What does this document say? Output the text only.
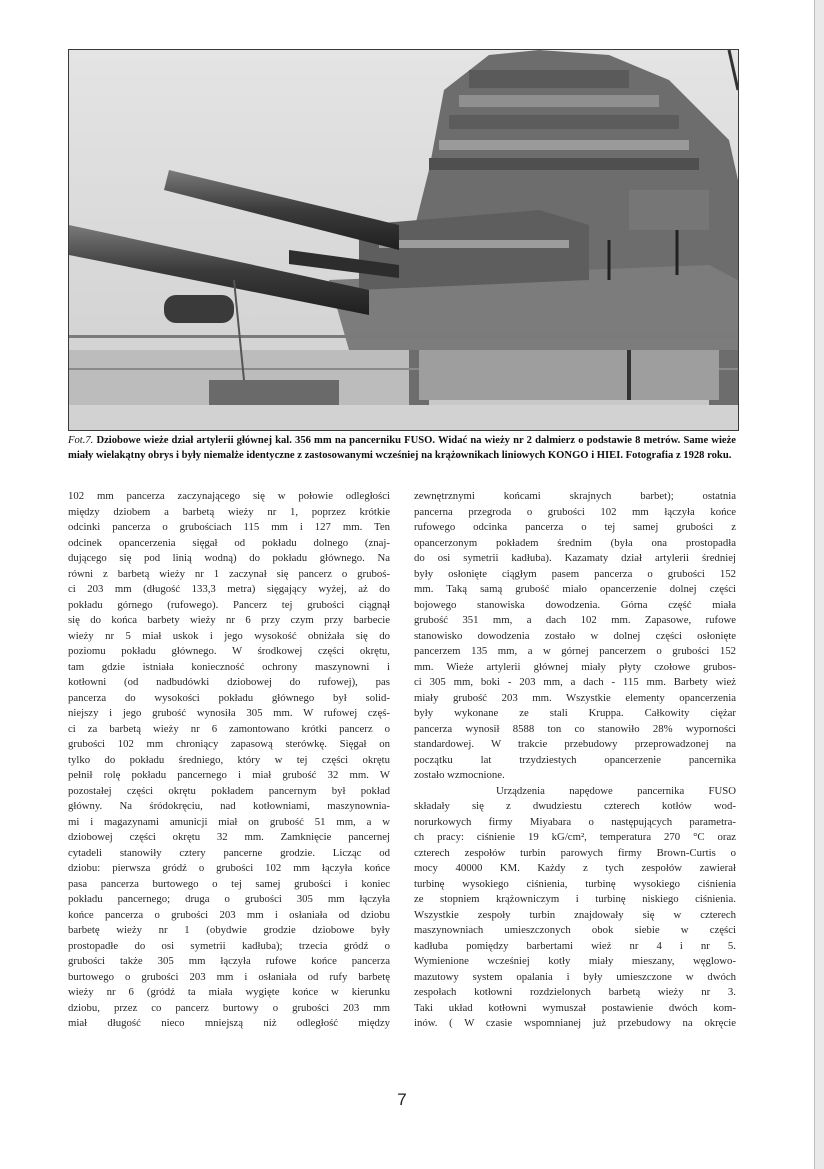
Fot.7. Dziobowe wieże dział artylerii głównej kal. 356 mm na pancerniku FUSO. Widać na wieży nr 2 dalmierz o podstawie 8 metrów. Same wieże miały wielakątny obrys i były niemalże identyczne z zastosowanymi wcześniej na krążownikach liniowych KONGO i HIEI. Fotografia z 1928 roku.

102 mm pancerza zaczynającego się w połowie odległości
między dziobem a barbetą wieży nr 1, poprzez krótkie
odcinki pancerza o grubościach 115 mm i 127 mm. Ten
odcinek opancerzenia sięgał od pokładu dolnego (znaj-
dującego się pod linią wodną) do pokładu głównego. Na
równi z barbetą wieży nr 1 zaczynał się pancerz o gruboś-
ci 203 mm (długość 133,3 metra) sięgający wyżej, aż do
pokładu górnego (rufowego). Pancerz tej grubości ciągnął
się do końca barbety wieży nr 6 przy czym przy barbecie
wieży nr 5 miał uskok i jego wysokość obniżała się do
poziomu pokładu głównego. W środkowej części okrętu,
tam gdzie istniała konieczność ochrony maszynowni i
kotłowni (od nadbudówki dziobowej do rufowej), pas
pancerza do wysokości pokładu głównego był solid-
niejszy i jego grubość wynosiła 305 mm. W rufowej częś-
ci za barbetą wieży nr 6 zamontowano krótki pancerz o
grubości 102 mm chroniący zapasową sterówkę. Sięgał on
tylko do pokładu średniego, który w tej części okrętu
pełnił rolę pokładu pancernego i miał grubość 32 mm. W
pozostałej części okrętu pokładem pancernym był pokład
główny. Na śródokręciu, nad kotłowniami, maszynownia-
mi i magazynami amunicji miał on grubość 51 mm, a w
dziobowej części okrętu 32 mm. Zamknięcie pancernej
cytadeli stanowiły cztery pancerne grodzie. Licząc od
dziobu: pierwsza gródź o grubości 102 mm łączyła końce
pasa pancerza burtowego o tej samej grubości i koniec
pokładu pancernego; druga o grubości 305 mm łączyła
końce pancerza o grubości 203 mm i osłaniała od dziobu
barbetę wieży nr 1 (obydwie grodzie dziobowe były
prostopadłe do osi symetrii kadłuba); trzecia gródź o
grubości także 305 mm łączyła rufowe końce pancerza
burtowego o grubości 203 mm i osłaniała od rufy barbetę
wieży nr 6 (gródź ta miała wygięte końce w kierunku
dziobu, przez co pancerz burtowy o grubości 203 mm
miał długość nieco mniejszą niż odległość między
zewnętrznymi końcami skrajnych barbet); ostatnia
pancerna przegroda o grubości 102 mm łączyła końce
rufowego odcinka pancerza o tej samej grubości z
opancerzonym pokładem średnim (była ona prostopadła
do osi symetrii kadłuba). Kazamaty dział artylerii średniej
były osłonięte ciągłym pasem pancerza o grubości 152
mm. Taką samą grubość miało opancerzenie dolnej części
bojowego stanowiska dowodzenia. Górna część miała
grubość 351 mm, a dach 102 mm. Zapasowe, rufowe
stanowisko dowodzenia zostało w dolnej części osłonięte
pancerzem 135 mm, a w górnej pancerzem o grubości 152
mm. Wieże artylerii głównej miały płyty czołowe grubos-
ci 305 mm, boki - 203 mm, a dach - 115 mm. Barbety wież
miały grubość 203 mm. Wszystkie elementy opancerzenia
były wykonane ze stali Kruppa. Całkowity ciężar
pancerza wynosił 8588 ton co stanowiło 28% wyporności
standardowej. W trakcie przebudowy przeprowadzonej na
początku lat trzydziestych opancerzenie pancernika
zostało wzmocnione.
Urządzenia napędowe pancernika FUSO
składały się z dwudziestu czterech kotłów wod-
norurkowych firmy Miyabara o następujących parametra-
ch pracy: ciśnienie 19 kG/cm², temperatura 270 °C oraz
czterech zespołów turbin parowych firmy Brown-Curtis o
mocy 40000 KM. Każdy z tych zespołów zawierał
turbinę wysokiego ciśnienia, turbinę wysokiego ciśnienia
ze stopniem krążowniczym i turbinę niskiego ciśnienia.
Wszystkie zespoły turbin znajdowały się w czterech
maszynowniach umieszczonych obok siebie w części
kadłuba pomiędzy barbertami wież nr 4 i nr 5.
Wymienione wcześniej kotły miały mieszany, węglowo-
mazutowy system opalania i były umieszczone w dwóch
zespołach kotłowni rozdzielonych barbetą wieży nr 3.
Taki układ kotłowni wymuszał postawienie dwóch kom-
inów. ( W czasie wspomnianej już przebudowy na okręcie
7
